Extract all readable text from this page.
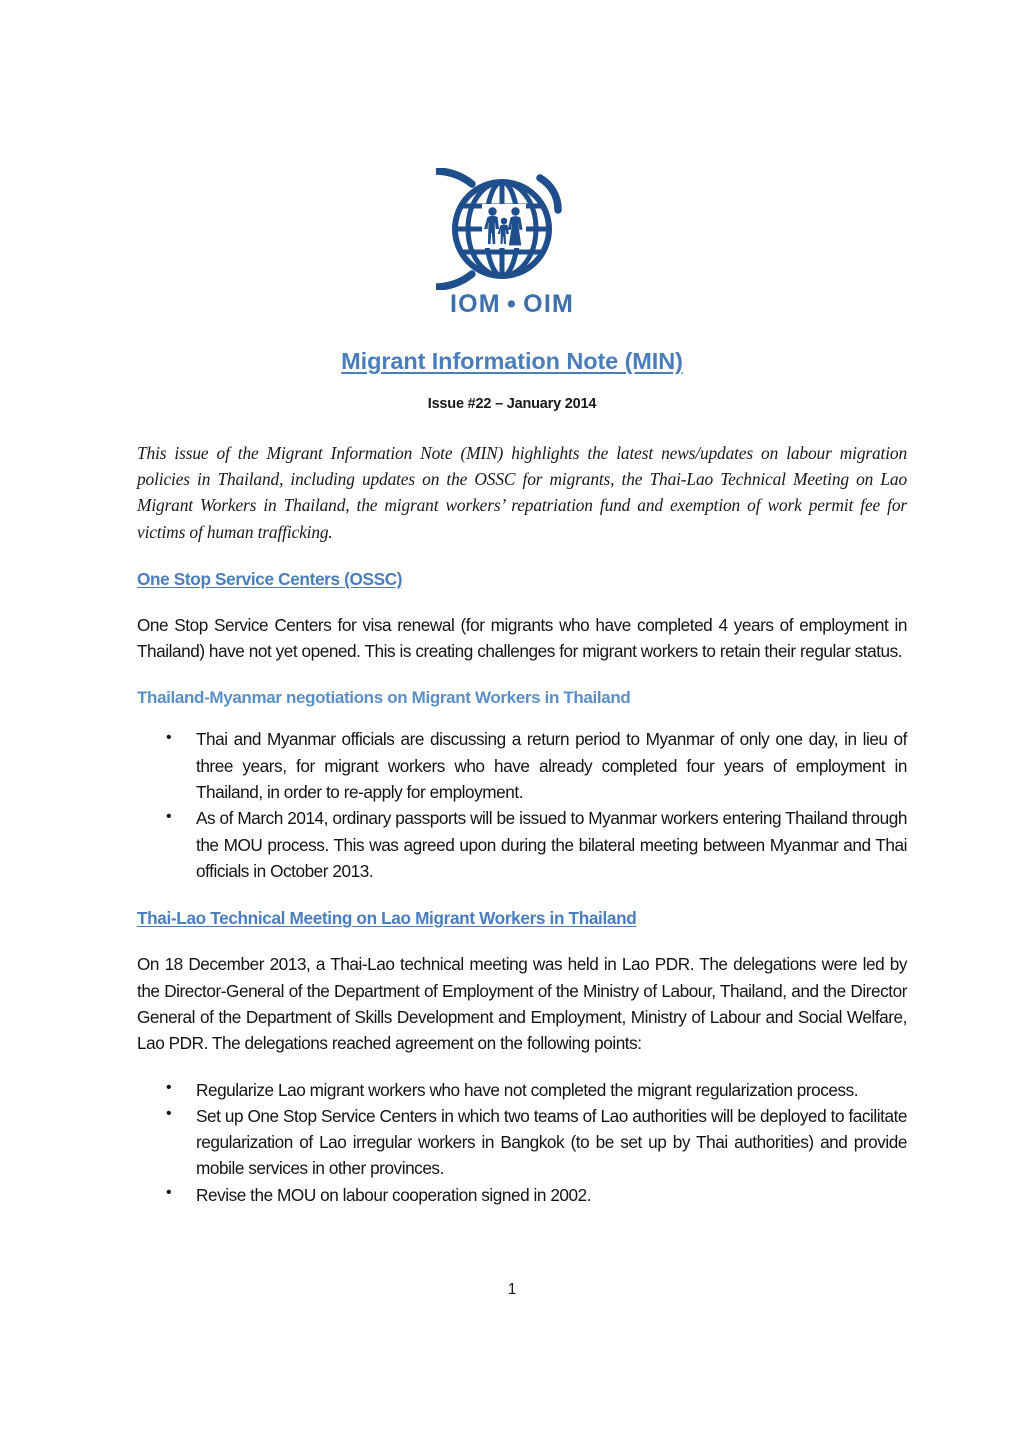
IOM • OIM
Migrant Information Note (MIN)
Issue #22 – January 2014

This issue of the Migrant Information Note (MIN) highlights the latest news/updates on labour migration policies in Thailand, including updates on the OSSC for migrants, the Thai-Lao Technical Meeting on Lao Migrant Workers in Thailand, the migrant workers’ repatriation fund and exemption of work permit fee for victims of human trafficking.

One Stop Service Centers (OSSC)

One Stop Service Centers for visa renewal (for migrants who have completed 4 years of employment in Thailand) have not yet opened. This is creating challenges for migrant workers to retain their regular status.

Thailand-Myanmar negotiations on Migrant Workers in Thailand
• Thai and Myanmar officials are discussing a return period to Myanmar of only one day, in lieu of three years, for migrant workers who have already completed four years of employment in Thailand, in order to re-apply for employment.
• As of March 2014, ordinary passports will be issued to Myanmar workers entering Thailand through the MOU process. This was agreed upon during the bilateral meeting between Myanmar and Thai officials in October 2013.
Thai-Lao Technical Meeting on Lao Migrant Workers in Thailand

On 18 December 2013, a Thai-Lao technical meeting was held in Lao PDR. The delegations were led by the Director-General of the Department of Employment of the Ministry of Labour, Thailand, and the Director General of the Department of Skills Development and Employment, Ministry of Labour and Social Welfare, Lao PDR. The delegations reached agreement on the following points:

• Regularize Lao migrant workers who have not completed the migrant regularization process.
• Set up One Stop Service Centers in which two teams of Lao authorities will be deployed to facilitate regularization of Lao irregular workers in Bangkok (to be set up by Thai authorities) and provide mobile services in other provinces.
• Revise the MOU on labour cooperation signed in 2002.
1
